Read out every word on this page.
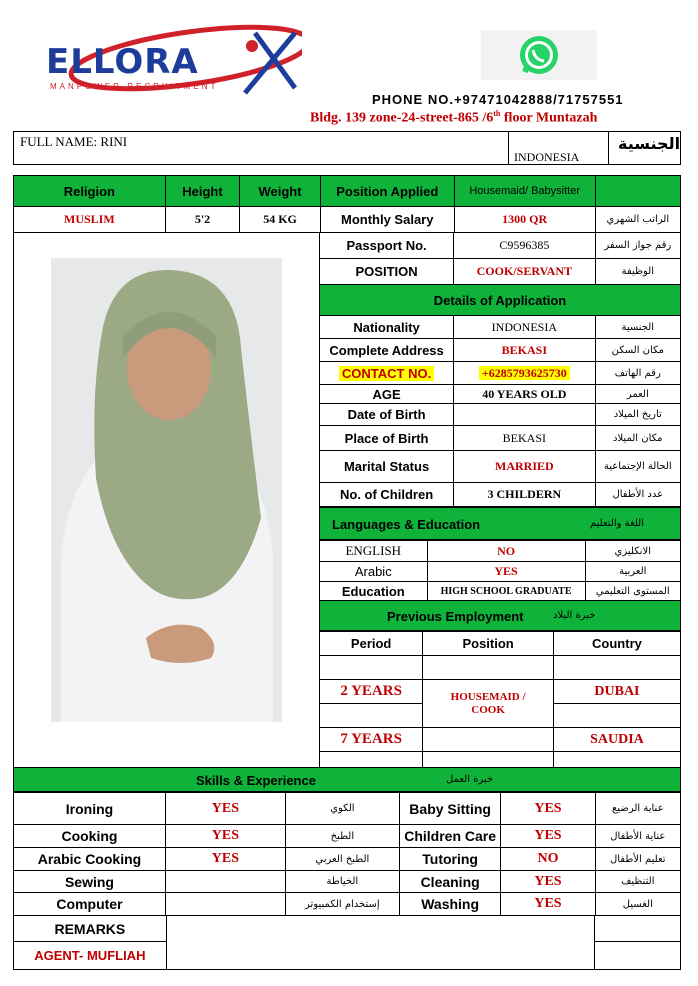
ELLORA
MANPOWER RECRUITMENT
PHONE NO.+97471042888/71757551
Bldg. 139 zone-24-street-865 /6th floor Muntazah
FULL NAME: RINI
INDONESIA
الجنسية
Religion	Height	Weight	Position Applied	Housemaid/ Babysitter	
MUSLIM	5'2	54 KG	Monthly Salary	1300 QR	الراتب الشهري
Passport No.	C9596385	رقم جواز السفر
POSITION	COOK/SERVANT	الوظيفة
Details of Application		
Nationality	INDONESIA	الجنسية
Complete Address	BEKASI	مكان السكن
CONTACT NO.	+6285793625730	رقم الهاتف
AGE	40 YEARS OLD	العمر
Date of Birth		تاريخ الميلاد
Place of Birth	BEKASI	مكان الميلاد
Marital Status	MARRIED	الحالة الإجتماعية
No. of Children	3 CHILDERN	عدد الأطفال
Languages & Education	اللغة والتعليم
ENGLISH	NO	الانكليزي
Arabic	YES	العربية
Education	HIGH SCHOOL GRADUATE	المستوى التعليمي
Previous Employment	خبرة البلاد
Period	Position	Country

2 YEARS	HOUSEMAID / COOK	DUBAI

7 YEARS		SAUDIA

Skills & Experience	خبرة العمل
Ironing	YES	الكوي	Baby Sitting	YES	عناية الرضيع
Cooking	YES	الطبخ	Children Care	YES	عناية الأطفال
Arabic Cooking	YES	الطبخ العربي	Tutoring	NO	تعليم الأطفال
Sewing		الخياطة	Cleaning	YES	التنظيف
Computer		إستخدام الكمبيوتر	Washing	YES	الغسيل
REMARKS		
AGENT- MUFLIAH		
